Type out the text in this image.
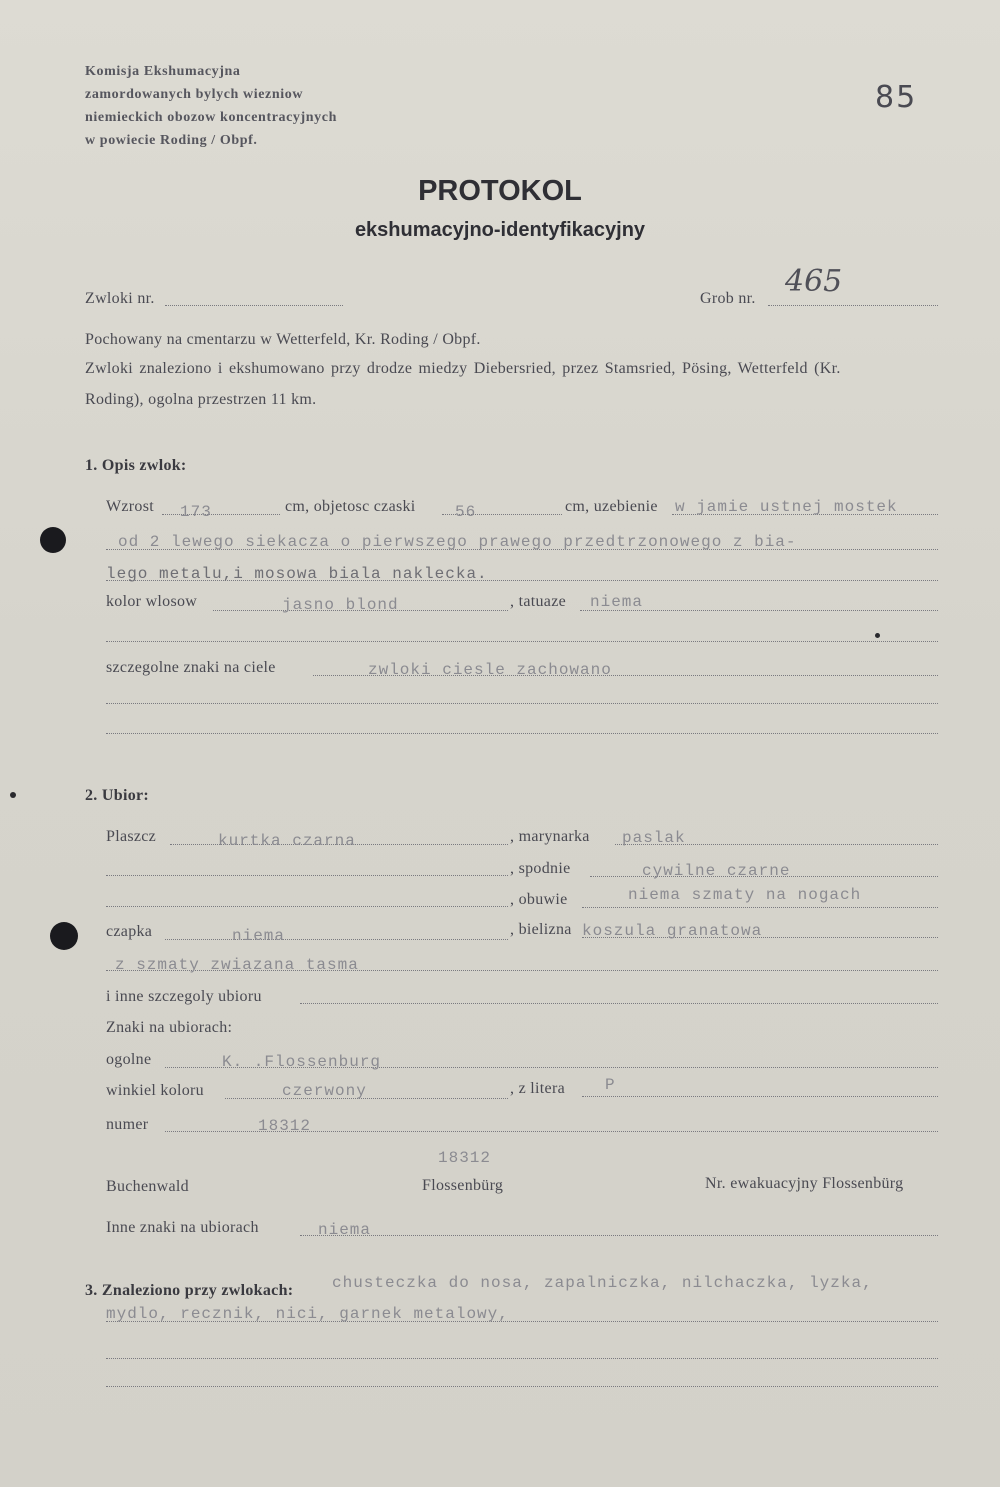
Komisja Ekshumacyjna
zamordowanych bylych wiezniow
niemieckich obozow koncentracyjnych
w powiecie Roding / Obpf.
85
PROTOKOL
ekshumacyjno-identyfikacyjny
Zwloki nr.	Grob nr. 465
Pochowany na cmentarzu w Wetterfeld, Kr. Roding / Obpf.
Zwloki znaleziono i ekshumowano przy drodze miedzy Diebersried, przez Stamsried, Pösing, Wetterfeld (Kr.
Roding), ogolna przestrzen 11 km.
1. Opis zwlok:
Wzrost 173	cm, objetosc czaski 56	cm, uzebienie w jamie ustnej mostek
od 2 lewego siekacza o pierwszego prawego przedtrzonowego z bia-
lego metalu,i mosowa biala naklecka.
kolor wlosow	jasno blond	, tatuaze niema
szczegolne znaki na ciele	zwloki ciesle zachowano
2. Ubior:
Plaszcz	kurtka czarna	, marynarka paslak
, spodnie	cywilne czarne
, obuwie	niema szmaty na nogach
czapka	niema	, bielizna koszula granatowa
z szmaty zwiazana tasma
i inne szczegoly ubioru
Znaki na ubiorach:
ogolne	K. .Flossenburg
winkiel koloru	czerwony	, z litera	P
numer	18312
18312
Buchenwald	Flossenbürg	Nr. ewakuacyjny Flossenbürg
Inne znaki na ubiorach	niema
3. Znaleziono przy zwlokach: chusteczka do nosa, zapalniczka, nilchaczka, lyzka,
mydlo, recznik, nici, garnek metalowy,
